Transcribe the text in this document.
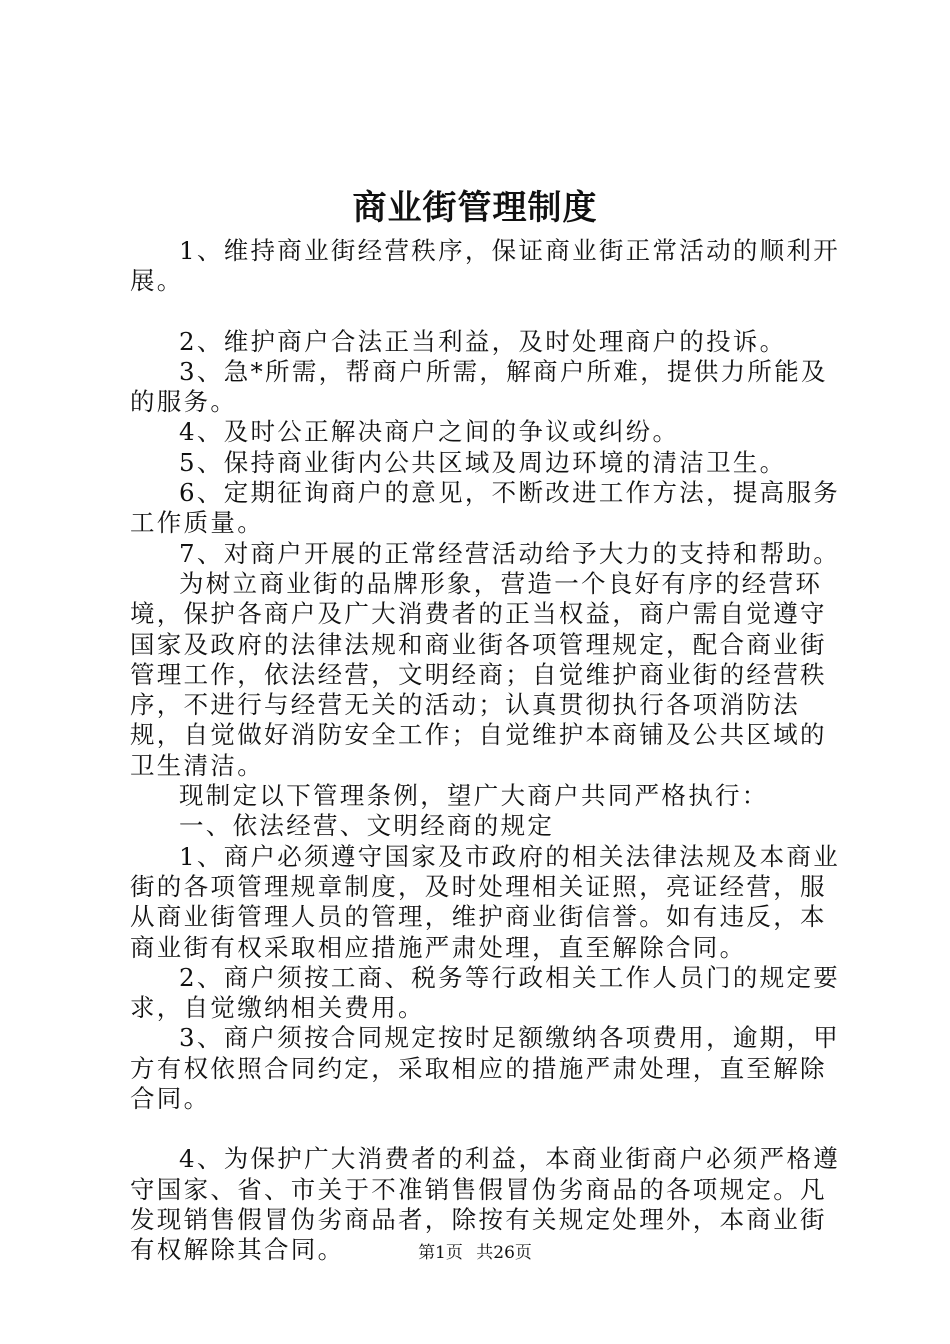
商业街管理制度

1、维持商业街经营秩序，保证商业街正常活动的顺利开展。

2、维护商户合法正当利益，及时处理商户的投诉。

3、急*所需，帮商户所需，解商户所难，提供力所能及的服务。

4、及时公正解决商户之间的争议或纠纷。

5、保持商业街内公共区域及周边环境的清洁卫生。

6、定期征询商户的意见，不断改进工作方法，提高服务工作质量。

7、对商户开展的正常经营活动给予大力的支持和帮助。

为树立商业街的品牌形象，营造一个良好有序的经营环境，保护各商户及广大消费者的正当权益，商户需自觉遵守国家及政府的法律法规和商业街各项管理规定，配合商业街管理工作，依法经营，文明经商；自觉维护商业街的经营秩序，不进行与经营无关的活动；认真贯彻执行各项消防法规，自觉做好消防安全工作；自觉维护本商铺及公共区域的卫生清洁。

现制定以下管理条例，望广大商户共同严格执行：

一、依法经营、文明经商的规定

1、商户必须遵守国家及市政府的相关法律法规及本商业街的各项管理规章制度，及时处理相关证照，亮证经营，服从商业街管理人员的管理，维护商业街信誉。如有违反，本商业街有权采取相应措施严肃处理，直至解除合同。

2、商户须按工商、税务等行政相关工作人员门的规定要求，自觉缴纳相关费用。

3、商户须按合同规定按时足额缴纳各项费用，逾期，甲方有权依照合同约定，采取相应的措施严肃处理，直至解除合同。

4、为保护广大消费者的利益，本商业街商户必须严格遵守国家、省、市关于不准销售假冒伪劣商品的各项规定。凡发现销售假冒伪劣商品者，除按有关规定处理外，本商业街有权解除其合同。	第1页 共26页
